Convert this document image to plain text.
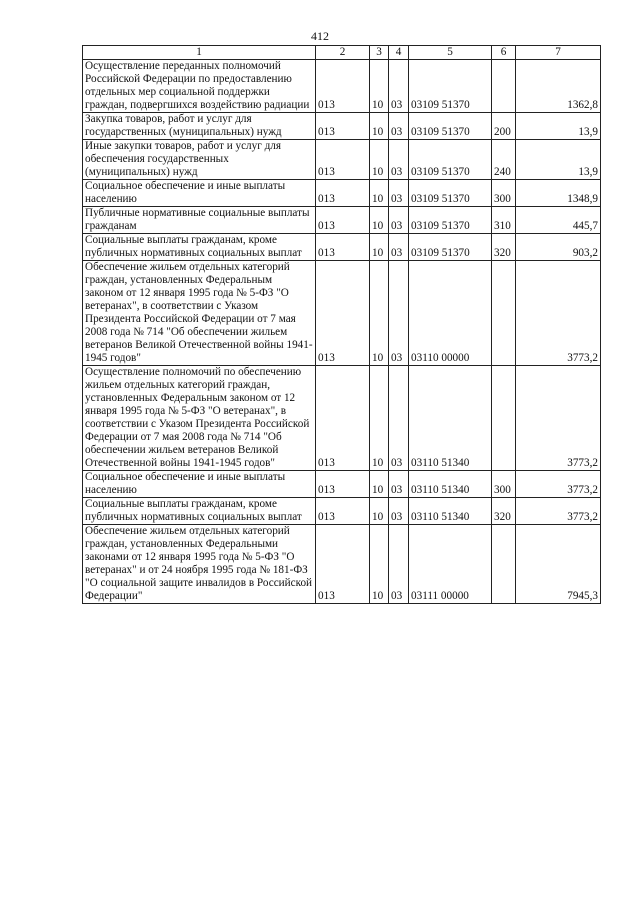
412
1	2	3	4	5	6	7
Осуществление переданных полномочий Российской Федерации по предоставлению отдельных мер социальной поддержки граждан, подвергшихся воздействию радиации	013	10	03	03109 51370		1362,8
Закупка товаров, работ и услуг для государственных (муниципальных) нужд	013	10	03	03109 51370	200	13,9
Иные закупки товаров, работ и услуг для обеспечения государственных (муниципальных) нужд	013	10	03	03109 51370	240	13,9
Социальное обеспечение и иные выплаты населению	013	10	03	03109 51370	300	1348,9
Публичные нормативные социальные выплаты гражданам	013	10	03	03109 51370	310	445,7
Социальные выплаты гражданам, кроме публичных нормативных социальных выплат	013	10	03	03109 51370	320	903,2
Обеспечение жильем отдельных категорий граждан, установленных Федеральным законом от 12 января 1995 года № 5-ФЗ "О ветеранах", в соответствии с Указом Президента Российской Федерации от 7 мая 2008 года № 714 "Об обеспечении жильем ветеранов Великой Отечественной войны 1941-1945 годов"	013	10	03	03110 00000		3773,2
Осуществление полномочий по обеспечению жильем отдельных категорий граждан, установленных Федеральным законом от 12 января 1995 года № 5-ФЗ "О ветеранах", в соответствии с Указом Президента Российской Федерации от 7 мая 2008 года № 714 "Об обеспечении жильем ветеранов Великой Отечественной войны 1941-1945 годов"	013	10	03	03110 51340		3773,2
Социальное обеспечение и иные выплаты населению	013	10	03	03110 51340	300	3773,2
Социальные выплаты гражданам, кроме публичных нормативных социальных выплат	013	10	03	03110 51340	320	3773,2
Обеспечение жильем отдельных категорий граждан, установленных Федеральными законами от 12 января 1995 года № 5-ФЗ "О ветеранах" и от 24 ноября 1995 года № 181-ФЗ "О социальной защите инвалидов в Российской Федерации"	013	10	03	03111 00000		7945,3
